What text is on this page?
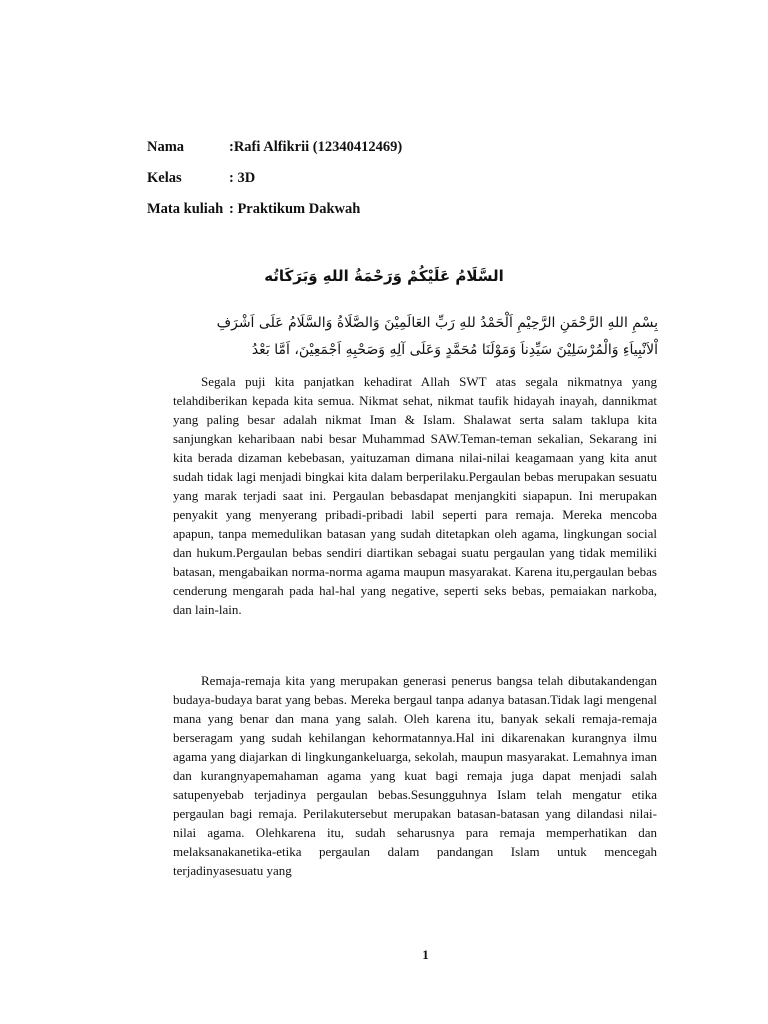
Nama	:Rafi Alfikrii (12340412469)
Kelas	: 3D
Mata kuliah : Praktikum Dakwah
السَّلَامُ عَلَيْكُمْ وَرَحْمَةُ اللهِ وَبَرَكَاتُه
بِسْمِ اللهِ الرَّحْمَنِ الرَّحِيْمِ اَلْحَمْدُ للهِ رَبِّ العَالَمِيْنَ وَالصَّلَاةُ وَالسَّلَامُ عَلَى اَشْرَفِ
اْلاَنْبِياَءِ وَالْمُرْسَلِيْنَ سَيِّدِناَ وَمَوْلَنَا مُحَمَّدٍ وَعَلَى آلِهِ وَصَحْبِهِ اَجْمَعِيْنَ، اَمَّا بَعْدُ

Segala puji kita panjatkan kehadirat Allah SWT atas segala nikmatnya yang telahdiberikan kepada kita semua. Nikmat sehat, nikmat taufik hidayah inayah, dannikmat yang paling besar adalah nikmat Iman & Islam. Shalawat serta salam taklupa kita sanjungkan keharibaan nabi besar Muhammad SAW.Teman-teman sekalian, Sekarang ini kita berada dizaman kebebasan, yaituzaman dimana nilai-nilai keagamaan yang kita anut sudah tidak lagi menjadi bingkai kita dalam berperilaku.Pergaulan bebas merupakan sesuatu yang marak terjadi saat ini. Pergaulan bebasdapat menjangkiti siapapun. Ini merupakan penyakit yang menyerang pribadi-pribadi labil seperti para remaja. Mereka mencoba apapun, tanpa memedulikan batasan yang sudah ditetapkan oleh agama, lingkungan social dan hukum.Pergaulan bebas sendiri diartikan sebagai suatu pergaulan yang tidak memiliki batasan, mengabaikan norma-norma agama maupun masyarakat. Karena itu,pergaulan bebas cenderung mengarah pada hal-hal yang negative, seperti seks bebas, pemaiakan narkoba, dan lain-lain.

Remaja-remaja kita yang merupakan generasi penerus bangsa telah dibutakandengan budaya-budaya barat yang bebas. Mereka bergaul tanpa adanya batasan.Tidak lagi mengenal mana yang benar dan mana yang salah. Oleh karena itu, banyak sekali remaja-remaja berseragam yang sudah kehilangan kehormatannya.Hal ini dikarenakan kurangnya ilmu agama yang diajarkan di lingkungankeluarga, sekolah, maupun masyarakat. Lemahnya iman dan kurangnyapemahaman agama yang kuat bagi remaja juga dapat menjadi salah satupenyebab terjadinya pergaulan bebas.Sesungguhnya Islam telah mengatur etika pergaulan bagi remaja. Perilakutersebut merupakan batasan-batasan yang dilandasi nilai-nilai agama. Olehkarena itu, sudah seharusnya para remaja memperhatikan dan melaksanakanetika-etika pergaulan dalam pandangan Islam untuk mencegah terjadinyasesuatu yang

1
